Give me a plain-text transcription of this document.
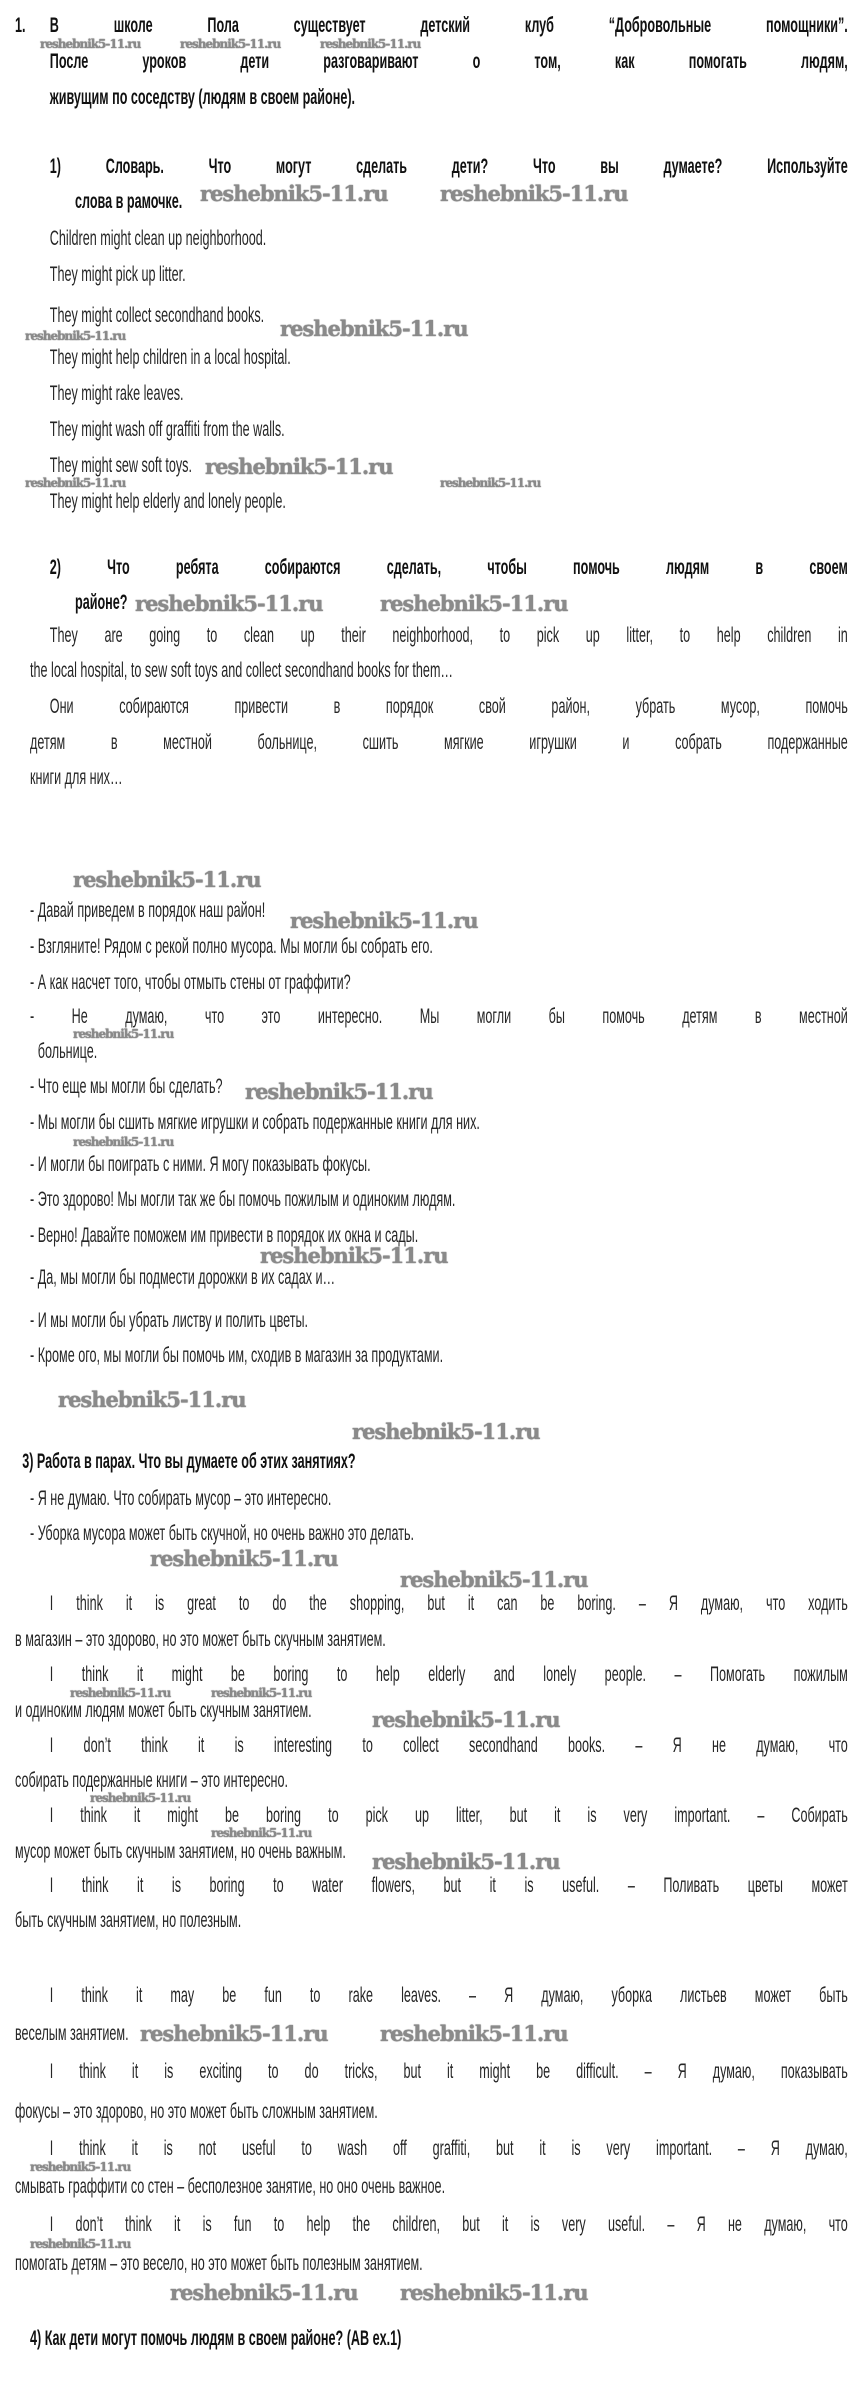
1. В школе Пола существует детский клуб “Добровольные помощники”.
После уроков дети разговаривают о том, как помогать людям,
живущим по соседству (людям в своем районе).
1) Словарь. Что могут сделать дети? Что вы думаете? Используйте
слова в рамочке.
Children might clean up neighborhood.
They might pick up litter.
They might collect secondhand books.
They might help children in a local hospital.
They might rake leaves.
They might wash off graffiti from the walls.
They might sew soft toys.
They might help elderly and lonely people.
2) Что ребята собираются сделать, чтобы помочь людям в своем
районе?
They are going to clean up their neighborhood, to pick up litter, to help children in
the local hospital, to sew soft toys and collect secondhand books for them…
Они собираются привести в порядок свой район, убрать мусор, помочь
детям в местной больнице, сшить мягкие игрушки и собрать подержанные
книги для них…
- Давай приведем в порядок наш район!
- Взгляните! Рядом с рекой полно мусора. Мы могли бы собрать его.
- А как насчет того, чтобы отмыть стены от граффити?
- Не думаю, что это интересно. Мы могли бы помочь детям в местной
больнице.
- Что еще мы могли бы сделать?
- Мы могли бы сшить мягкие игрушки и собрать подержанные книги для них.
- И могли бы поиграть с ними. Я могу показывать фокусы.
- Это здорово! Мы могли так же бы помочь пожилым и одиноким людям.
- Верно! Давайте поможем им привести в порядок их окна и сады.
- Да, мы могли бы подмести дорожки в их садах и…
- И мы могли бы убрать листву и полить цветы.
- Кроме ого, мы могли бы помочь им, сходив в магазин за продуктами.
3) Работа в парах. Что вы думаете об этих занятиях?
- Я не думаю. Что собирать мусор – это интересно.
- Уборка мусора может быть скучной, но очень важно это делать.
I think it is great to do the shopping, but it can be boring. – Я думаю, что ходить
в магазин – это здорово, но это может быть скучным занятием.
I think it might be boring to help elderly and lonely people. – Помогать пожилым
и одиноким людям может быть скучным занятием.
I don’t think it is interesting to collect secondhand books. – Я не думаю, что
собирать подержанные книги – это интересно.
I think it might be boring to pick up litter, but it is very important. – Собирать
мусор может быть скучным занятием, но очень важным.
I think it is boring to water flowers, but it is useful. – Поливать цветы может
быть скучным занятием, но полезным.
I think it may be fun to rake leaves. – Я думаю, уборка листьев может быть
веселым занятием.
I think it is exciting to do tricks, but it might be difficult. – Я думаю, показывать
фокусы – это здорово, но это может быть сложным занятием.
I think it is not useful to wash off graffiti, but it is very important. – Я думаю,
смывать граффити со стен – бесполезное занятие, но оно очень важное.
I don’t think it is fun to help the children, but it is very useful. – Я не думаю, что
помогать детям – это весело, но это может быть полезным занятием.
4) Как дети могут помочь людям в своем районе? (AB ex.1)
reshebnik5-11.ru	reshebnik5-11.ru	reshebnik5-11.ru
reshebnik5-11.ru reshebnik5-11.ru
reshebnik5-11.ru	reshebnik5-11.ru
reshebnik5-11.ru
reshebnik5-11.ru
reshebnik5-11.ru
reshebnik5-11.ru	reshebnik5-11.ru
reshebnik5-11.ru
reshebnik5-11.ru
reshebnik5-11.ru
reshebnik5-11.ru
reshebnik5-11.ru
reshebnik5-11.ru
reshebnik5-11.ru
reshebnik5-11.ru
reshebnik5-11.ru
reshebnik5-11.ru
reshebnik5-11.ru	reshebnik5-11.ru
reshebnik5-11.ru
reshebnik5-11.ru
reshebnik5-11.ru
reshebnik5-11.ru
reshebnik5-11.ru reshebnik5-11.ru
reshebnik5-11.ru
reshebnik5-11.ru
reshebnik5-11.ru reshebnik5-11.ru
